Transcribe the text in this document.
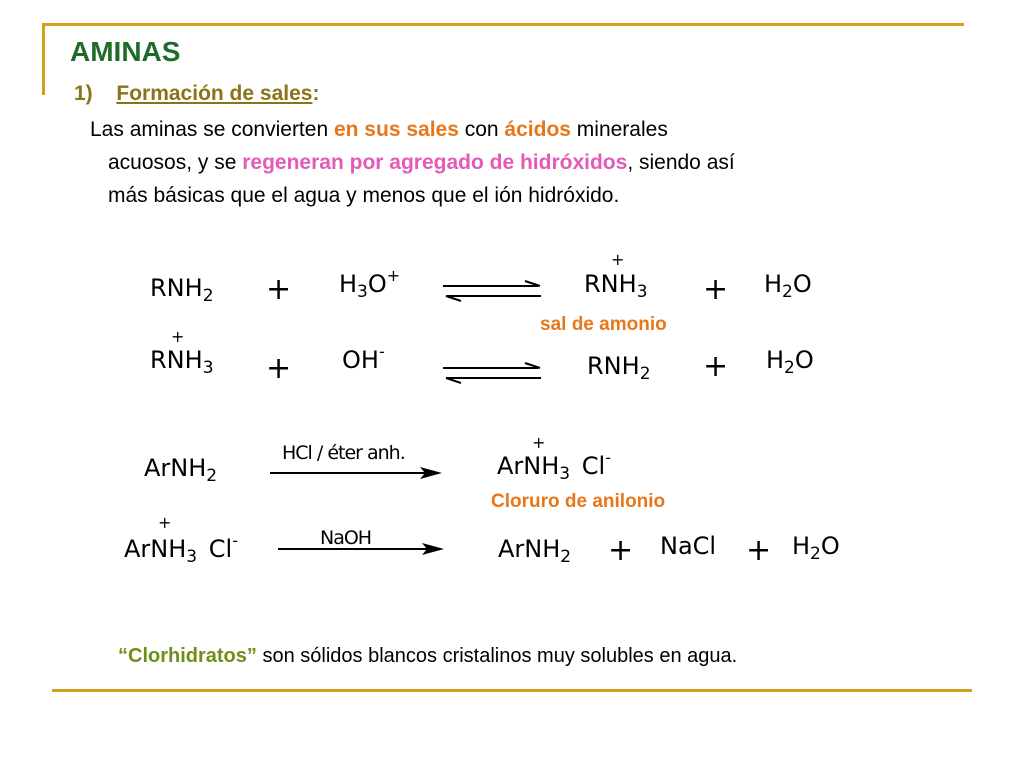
AMINAS
1) Formación de sales:
Las aminas se convierten en sus sales con ácidos minerales
acuosos, y se regeneran por agregado de hidróxidos, siendo así
más básicas que el agua y menos que el ión hidróxido.
$RNH_2 + H_3O^+$
+
$RNH_3 + H_2O$
sal de amonio
+
$RNH_3 + OH^-$
$RNH_2 + H_2O$
ArNH$_2$
HCl / éter anh.	+
ArNH$_3$ Cl-
Cloruro de anilonio
+
ArNH$_3$ Cl-	NaOH	ArNH$_2$ + NaCl + $H_2O$
“Clorhidratos” son sólidos blancos cristalinos muy solubles en agua.
